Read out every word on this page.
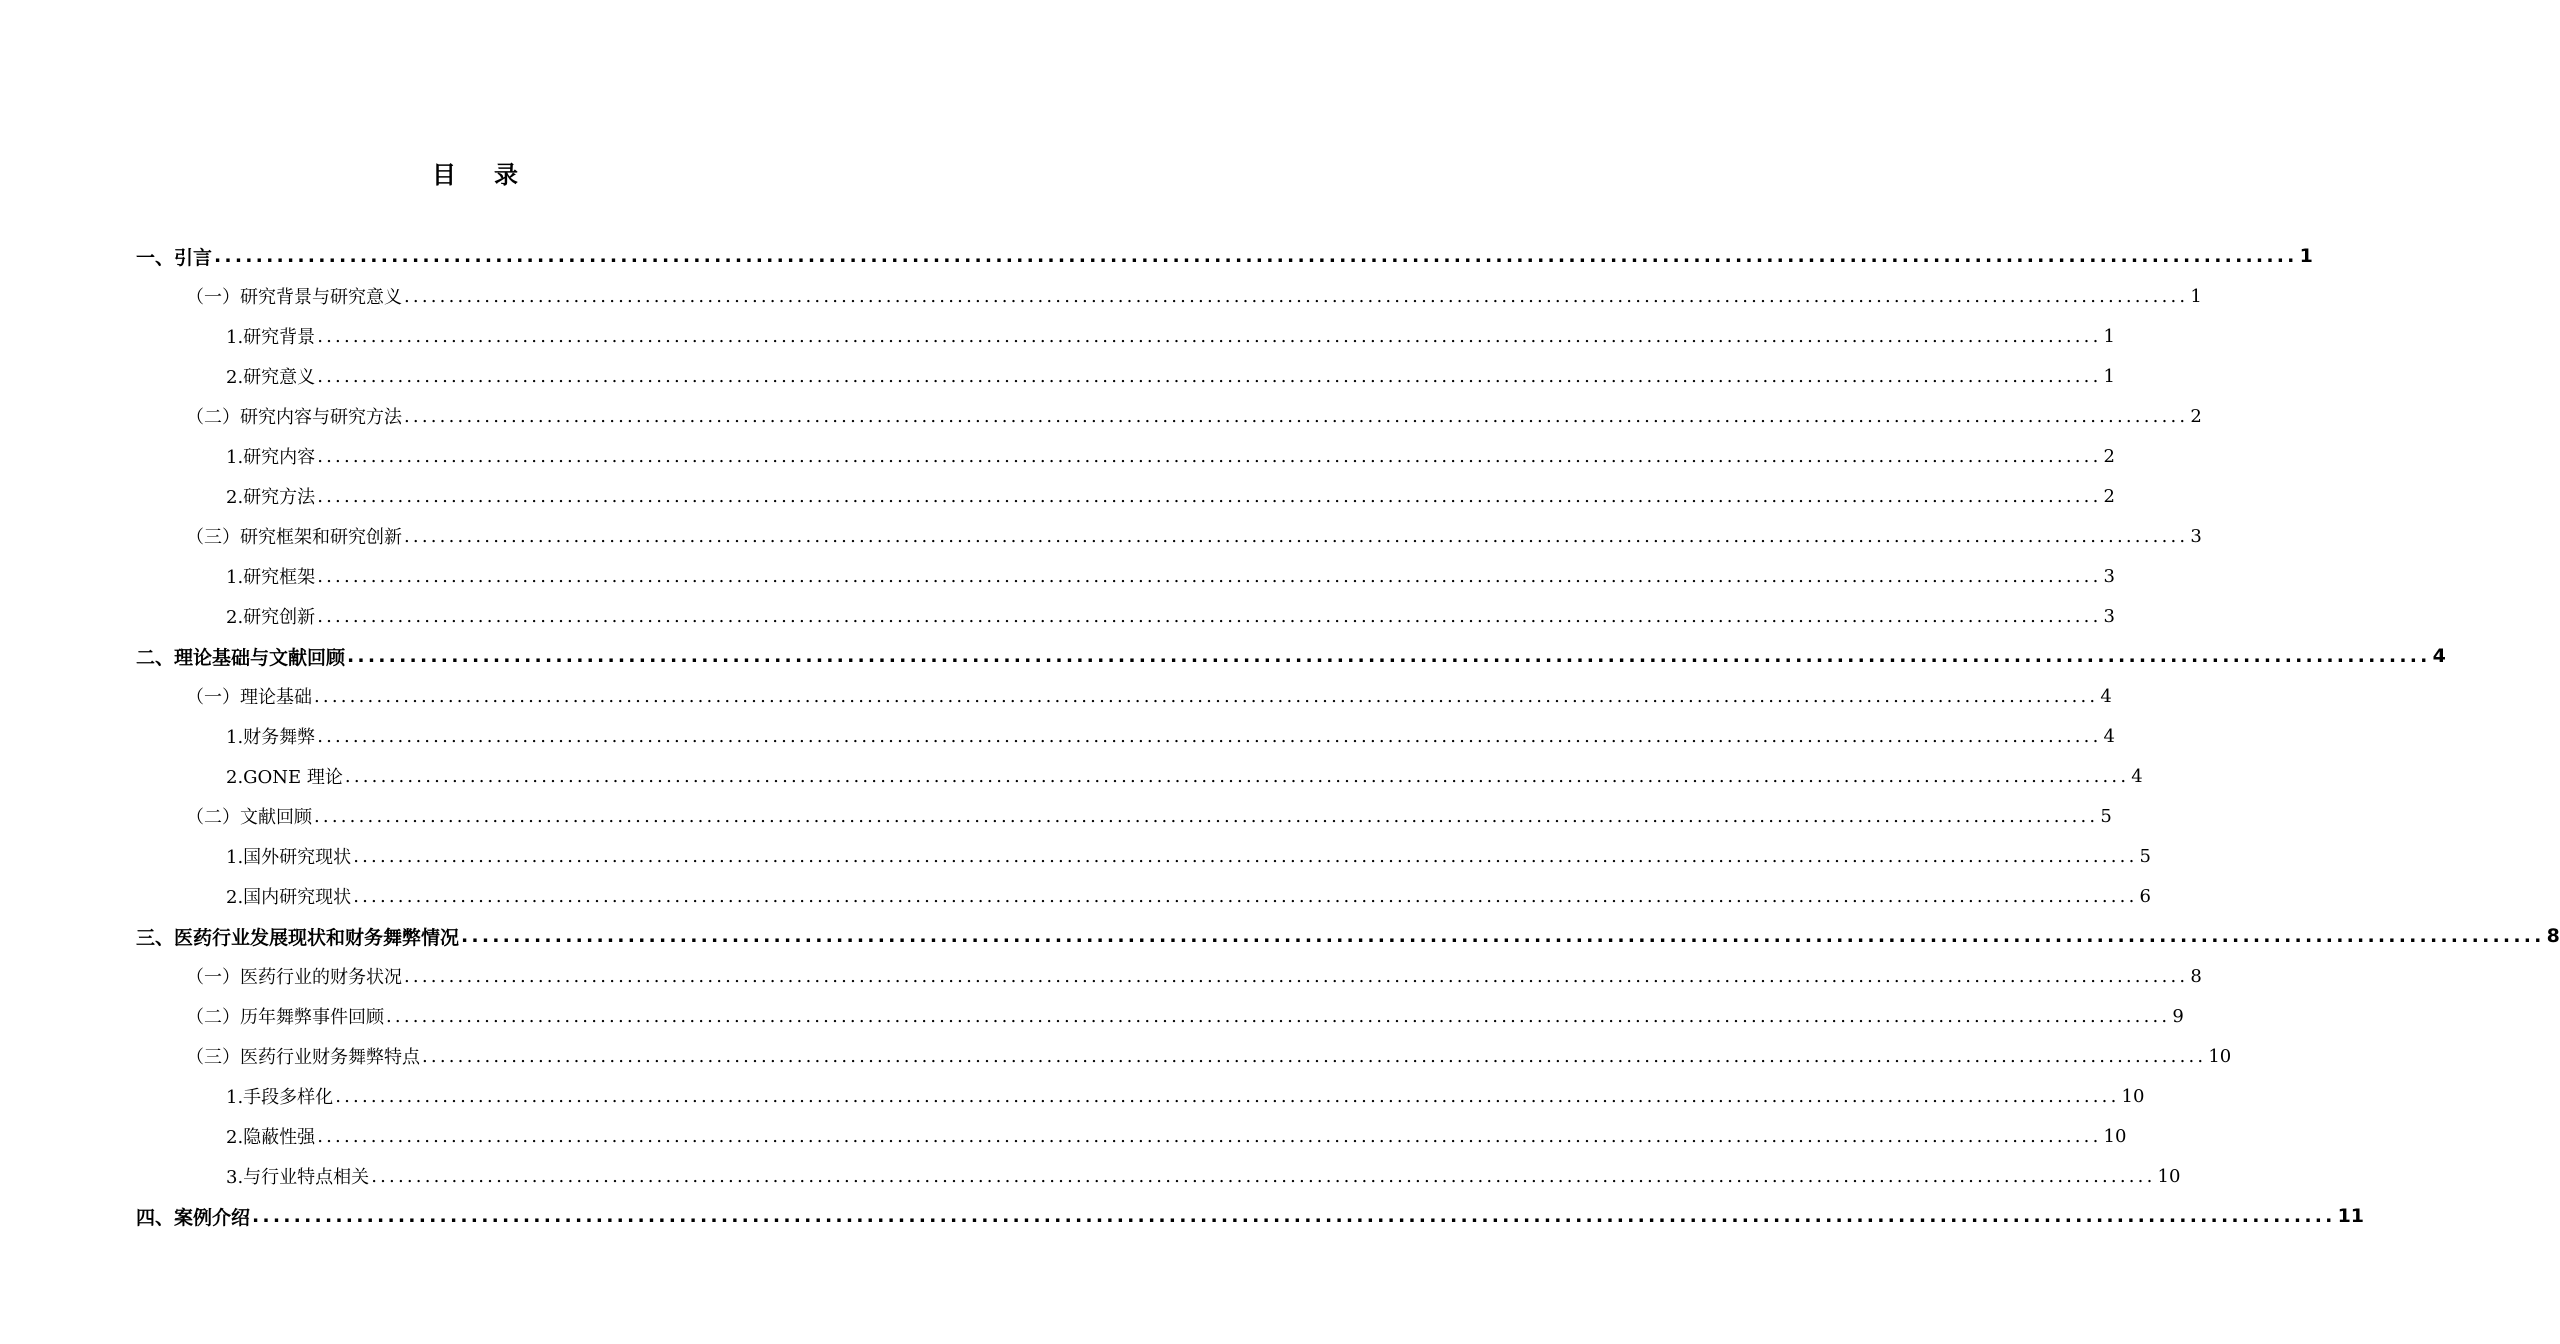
目录
一、引言 ........................................................................................................................................................................................................ 1
（一）研究背景与研究意义 ........................................................................................................................................................................................................ 1
1.研究背景 ........................................................................................................................................................................................................ 1
2.研究意义 ........................................................................................................................................................................................................ 1
（二）研究内容与研究方法 ........................................................................................................................................................................................................ 2
1.研究内容 ........................................................................................................................................................................................................ 2
2.研究方法 ........................................................................................................................................................................................................ 2
（三）研究框架和研究创新 ........................................................................................................................................................................................................ 3
1.研究框架 ........................................................................................................................................................................................................ 3
2.研究创新 ........................................................................................................................................................................................................ 3
二、理论基础与文献回顾 ........................................................................................................................................................................................................ 4
（一）理论基础 ........................................................................................................................................................................................................ 4
1.财务舞弊 ........................................................................................................................................................................................................ 4
2.GONE 理论 ........................................................................................................................................................................................................ 4
（二）文献回顾 ........................................................................................................................................................................................................ 5
1.国外研究现状 ........................................................................................................................................................................................................ 5
2.国内研究现状 ........................................................................................................................................................................................................ 6
三、医药行业发展现状和财务舞弊情况 ........................................................................................................................................................................................................ 8
（一）医药行业的财务状况 ........................................................................................................................................................................................................ 8
（二）历年舞弊事件回顾 ........................................................................................................................................................................................................ 9
（三）医药行业财务舞弊特点 ........................................................................................................................................................................................................ 10
1.手段多样化 ........................................................................................................................................................................................................ 10
2.隐蔽性强 ........................................................................................................................................................................................................ 10
3.与行业特点相关 ........................................................................................................................................................................................................ 10
四、案例介绍 ........................................................................................................................................................................................................ 11
